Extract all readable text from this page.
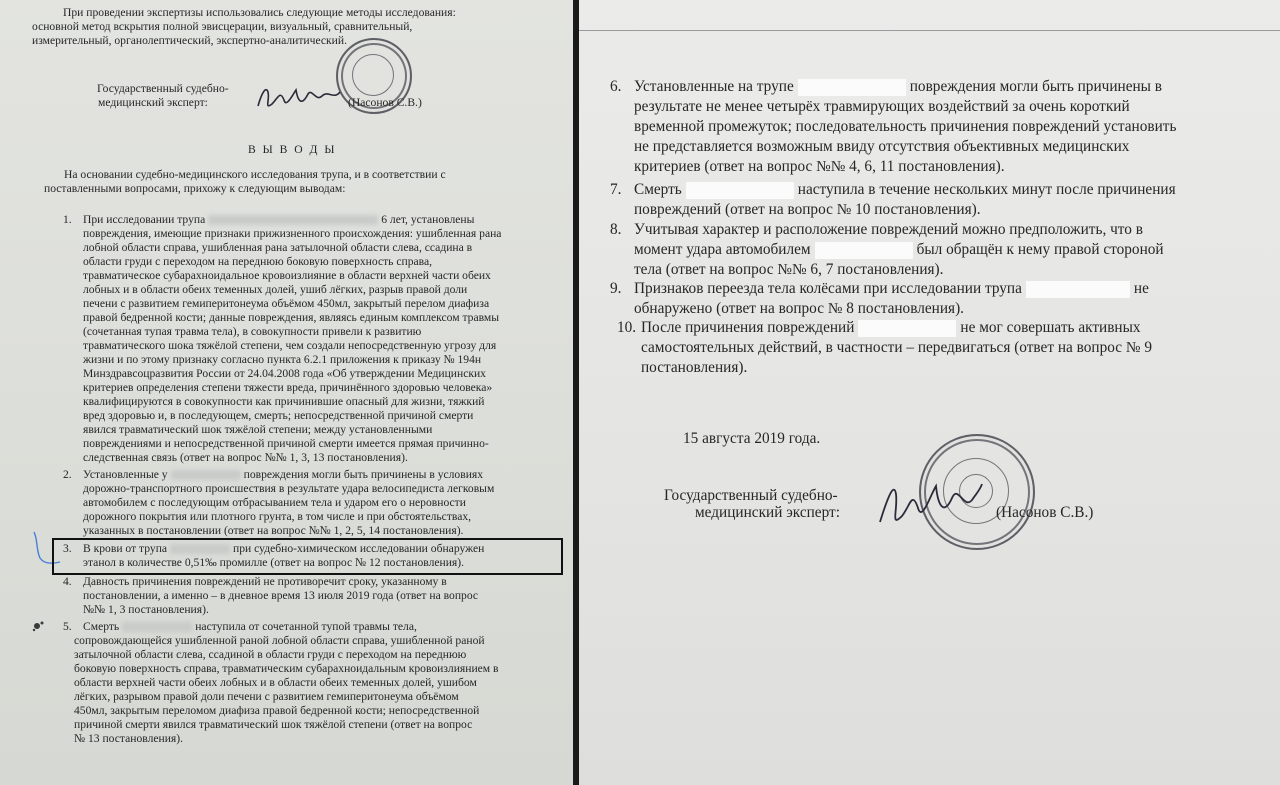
При проведении экспертизы использовались следующие методы исследования:
основной метод вскрытия полной эвисцерации, визуальный, сравнительный,
измерительный, органолептический, экспертно-аналитический.
Государственный судебно-
медицинский эксперт:	(Насонов С.В.)
В Ы В О Д Ы
На основании судебно-медицинского исследования трупа, и в соответствии с
поставленными вопросами, прихожу к следующим выводам:
1. При исследовании трупа	6 лет, установлены
повреждения, имеющие признаки прижизненного происхождения: ушибленная рана
лобной области справа, ушибленная рана затылочной области слева, ссадина в
области груди с переходом на переднюю боковую поверхность справа,
травматическое субарахноидальное кровоизлияние в области верхней части обеих
лобных и в области обеих теменных долей, ушиб лёгких, разрыв правой доли
печени с развитием гемиперитонеума объёмом 450мл, закрытый перелом диафиза
правой бедренной кости; данные повреждения, являясь единым комплексом травмы
(сочетанная тупая травма тела), в совокупности привели к развитию
травматического шока тяжёлой степени, чем создали непосредственную угрозу для
жизни и по этому признаку согласно пункта 6.2.1 приложения к приказу № 194н
Минздравсоцразвития России от 24.04.2008 года «Об утверждении Медицинских
критериев определения степени тяжести вреда, причинённого здоровью человека»
квалифицируются в совокупности как причинившие опасный для жизни, тяжкий
вред здоровью и, в последующем, смерть; непосредственной причиной смерти
явился травматический шок тяжёлой степени; между установленными
повреждениями и непосредственной причиной смерти имеется прямая причинно-
следственная связь (ответ на вопрос №№ 1, 3, 13 постановления).
2. Установленные у	повреждения могли быть причинены в условиях
дорожно-транспортного происшествия в результате удара велосипедиста легковым
автомобилем с последующим отбрасыванием тела и ударом его о неровности
дорожного покрытия или плотного грунта, в том числе и при обстоятельствах,
указанных в постановлении (ответ на вопрос №№ 1, 2, 5, 14 постановления).
3. В крови от трупа	при судебно-химическом исследовании обнаружен
этанол в количестве 0,51‰ промилле (ответ на вопрос № 12 постановления).
4. Давность причинения повреждений не противоречит сроку, указанному в
постановлении, а именно – в дневное время 13 июля 2019 года (ответ на вопрос
№№ 1, 3 постановления).
5. Смерть	наступила от сочетанной тупой травмы тела,
сопровождающейся ушибленной раной лобной области справа, ушибленной раной
затылочной области слева, ссадиной в области груди с переходом на переднюю
боковую поверхность справа, травматическим субарахноидальным кровоизлиянием в
области верхней части обеих лобных и в области обеих теменных долей, ушибом
лёгких, разрывом правой доли печени с развитием гемиперитонеума объёмом
450мл, закрытым переломом диафиза правой бедренной кости; непосредственной
причиной смерти явился травматический шок тяжёлой степени (ответ на вопрос
№ 13 постановления).
6. Установленные на трупе	повреждения могли быть причинены в
результате не менее четырёх травмирующих воздействий за очень короткий
временной промежуток; последовательность причинения повреждений установить
не представляется возможным ввиду отсутствия объективных медицинских
критериев (ответ на вопрос №№ 4, 6, 11 постановления).
7. Смерть	наступила в течение нескольких минут после причинения
повреждений (ответ на вопрос № 10 постановления).
8. Учитывая характер и расположение повреждений можно предположить, что в
момент удара автомобилем	был обращён к нему правой стороной
тела (ответ на вопрос №№ 6, 7 постановления).
9. Признаков переезда тела колёсами при исследовании трупа	не
обнаружено (ответ на вопрос № 8 постановления).
10. После причинения повреждений	не мог совершать активных
самостоятельных действий, в частности – передвигаться (ответ на вопрос № 9
постановления).
15 августа 2019 года.
Государственный судебно-
медицинский эксперт:	(Насонов С.В.)
